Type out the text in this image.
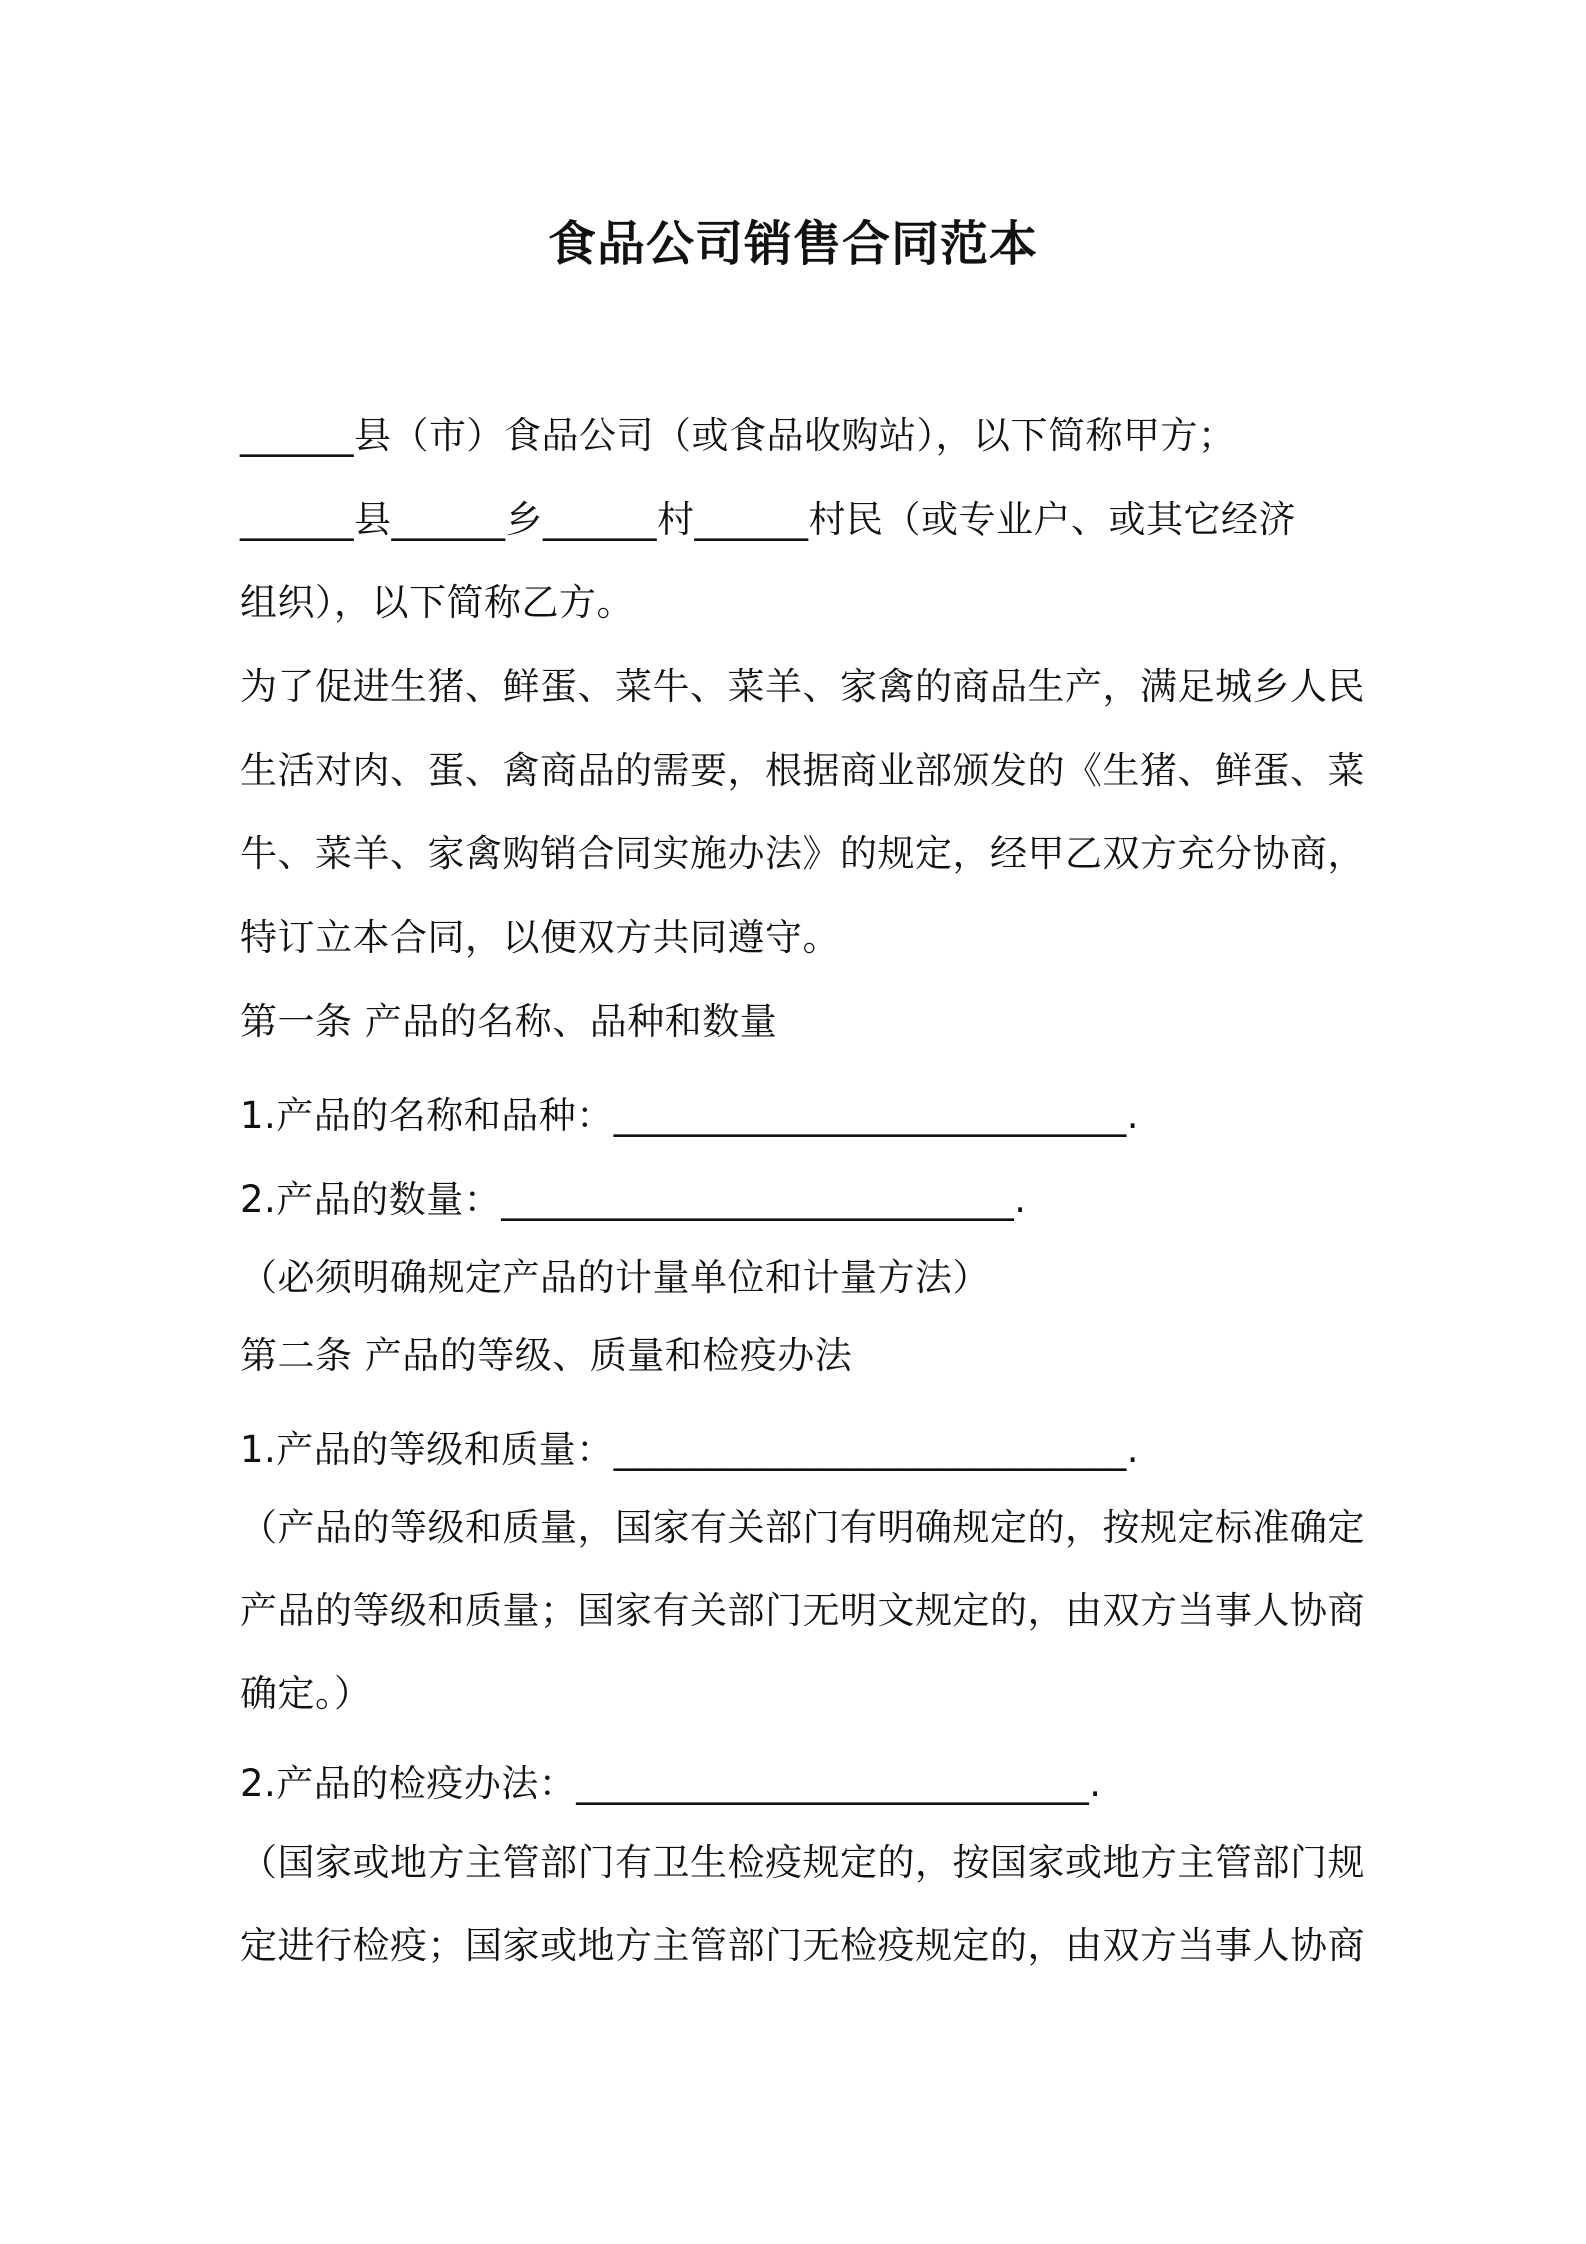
食品公司销售合同范本
______县（市）食品公司（或食品收购站），以下简称甲方；
______县______乡______村______村民（或专业户、或其它经济
组织），以下简称乙方。
为了促进生猪、鲜蛋、菜牛、菜羊、家禽的商品生产，满足城乡人民
生活对肉、蛋、禽商品的需要，根据商业部颁发的《生猪、鲜蛋、菜
牛、菜羊、家禽购销合同实施办法》的规定，经甲乙双方充分协商，
特订立本合同，以便双方共同遵守。
第一条 产品的名称、品种和数量
1.产品的名称和品种：___________________________.
2.产品的数量：___________________________.
（必须明确规定产品的计量单位和计量方法）
第二条 产品的等级、质量和检疫办法
1.产品的等级和质量：___________________________.
（产品的等级和质量，国家有关部门有明确规定的，按规定标准确定
产品的等级和质量；国家有关部门无明文规定的，由双方当事人协商
确定。）
2.产品的检疫办法：___________________________.
（国家或地方主管部门有卫生检疫规定的，按国家或地方主管部门规
定进行检疫；国家或地方主管部门无检疫规定的，由双方当事人协商
